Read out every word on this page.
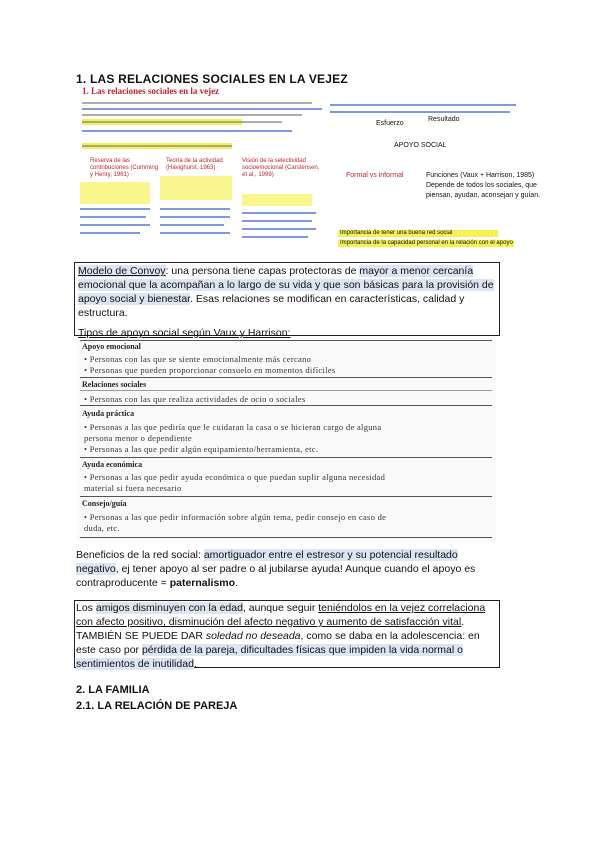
1. LAS RELACIONES SOCIALES EN LA VEJEZ
1. Las relaciones sociales en la vejez
Reserva de las contribuciones (Cumming y Henry, 1961)
Teoría de la actividad (Havighurst, 1963)
Visión de la selectividad socioemocional (Carstensen, et al., 1999)
Esfuerzo
Resultado
APOYO SOCIAL
Formal vs informal	Funciones (Vaux + Harrison, 1985)
Depende de todos los sociales, que
piensan, ayudan, aconsejan y guían.
Importancia de tener una buena red social
Importancia de la capacidad personal en la relación con el apoyo
Modelo de Convoy: una persona tiene capas protectoras de mayor a menor cercanía emocional que la acompañan a lo largo de su vida y que son básicas para la provisión de apoyo social y bienestar. Esas relaciones se modifican en características, calidad y estructura.
Tipos de apoyo social según Vaux y Harrison:
Apoyo emocional
• Personas con las que se siente emocionalmente más cercano
• Personas que pueden proporcionar consuelo en momentos difíciles
Relaciones sociales
• Personas con las que realiza actividades de ocio o sociales
Ayuda práctica
• Personas a las que pediría que le cuidaran la casa o se hicieran cargo de alguna
persona menor o dependiente
• Personas a las que pedir algún equipamiento/herramienta, etc.
Ayuda económica
• Personas a las que pedir ayuda económica o que puedan suplir alguna necesidad
material si fuera necesario
Consejo/guía
• Personas a las que pedir información sobre algún tema, pedir consejo en caso de
duda, etc.
Beneficios de la red social: amortiguador entre el estresor y su potencial resultado negativo, ej tener apoyo al ser padre o al jubilarse ayuda! Aunque cuando el apoyo es contraproducente = paternalismo.
Los amigos disminuyen con la edad, aunque seguir teniéndolos en la vejez correlaciona con afecto positivo, disminución del afecto negativo y aumento de satisfacción vital. TAMBIÉN SE PUEDE DAR soledad no deseada, como se daba en la adolescencia: en este caso por pérdida de la pareja, dificultades físicas que impiden la vida normal o sentimientos de inutilidad.
2. LA FAMILIA
2.1. LA RELACIÓN DE PAREJA
